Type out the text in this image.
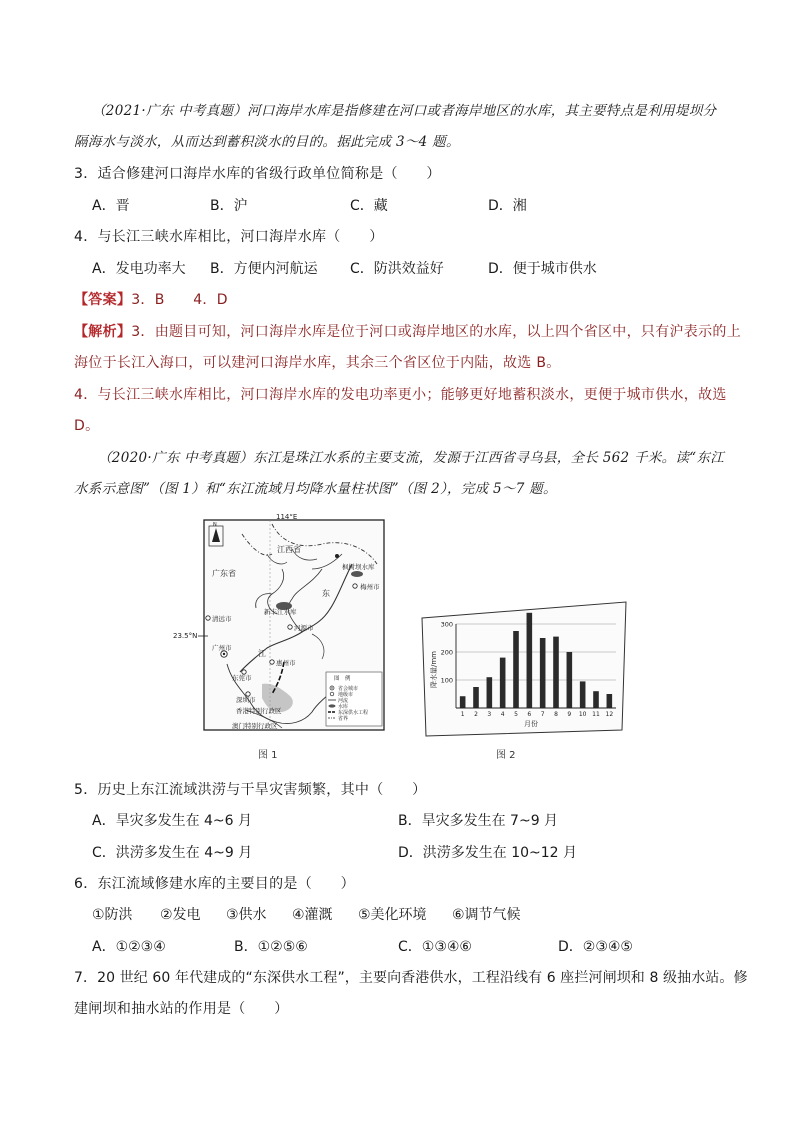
（2021·广东 中考真题）河口海岸水库是指修建在河口或者海岸地区的水库，其主要特点是利用堤坝分
隔海水与淡水，从而达到蓄积淡水的目的。据此完成 3～4 题。
3．适合修建河口海岸水库的省级行政单位简称是（　　）
A．晋	B．沪	C．藏	D．湘
4．与长江三峡水库相比，河口海岸水库（　　）
A．发电功率大 B．方便内河航运 C．防洪效益好	D．便于城市供水
【答案】3．B　　4．D
【解析】3．由题目可知，河口海岸水库是位于河口或海岸地区的水库，以上四个省区中，只有沪表示的上
海位于长江入海口，可以建河口海岸水库，其余三个省区位于内陆，故选 B。
4．与长江三峡水库相比，河口海岸水库的发电功率更小；能够更好地蓄积淡水，更便于城市供水，故选
D。
（2020·广东 中考真题）东江是珠江水系的主要支流，发源于江西省寻乌县，全长 562 千米。读“东江
水系示意图”（图 1）和“东江流域月均降水量柱状图”（图 2），完成 5～7 题。
114°E
23.5°N
N
江西省
广东省
枫树坝水库
梅州市
新丰江水库
河源市
清远市
广州市
东
江
惠州市
东莞市
深圳市
香港特别行政区
澳门特别行政区
图　例
省会城市
地级市
河流
水库
东深供水工程
省界
图 1
1 2 3 4 5 6 7 8 9 10 11 12
100
200
300
降水量/mm
月份
图 2
5．历史上东江流域洪涝与干旱灾害频繁，其中（　　）
A．旱灾多发生在 4~6 月	B．旱灾多发生在 7~9 月
C．洪涝多发生在 4~9 月	D．洪涝多发生在 10~12 月
6．东江流域修建水库的主要目的是（　　）
①防洪 ②发电 ③供水 ④灌溉 ⑤美化环境 ⑥调节气候
A．①②③④	B．①②⑤⑥	C．①③④⑥	D．②③④⑤
7．20 世纪 60 年代建成的“东深供水工程”，主要向香港供水，工程沿线有 6 座拦河闸坝和 8 级抽水站。修
建闸坝和抽水站的作用是（　　）
